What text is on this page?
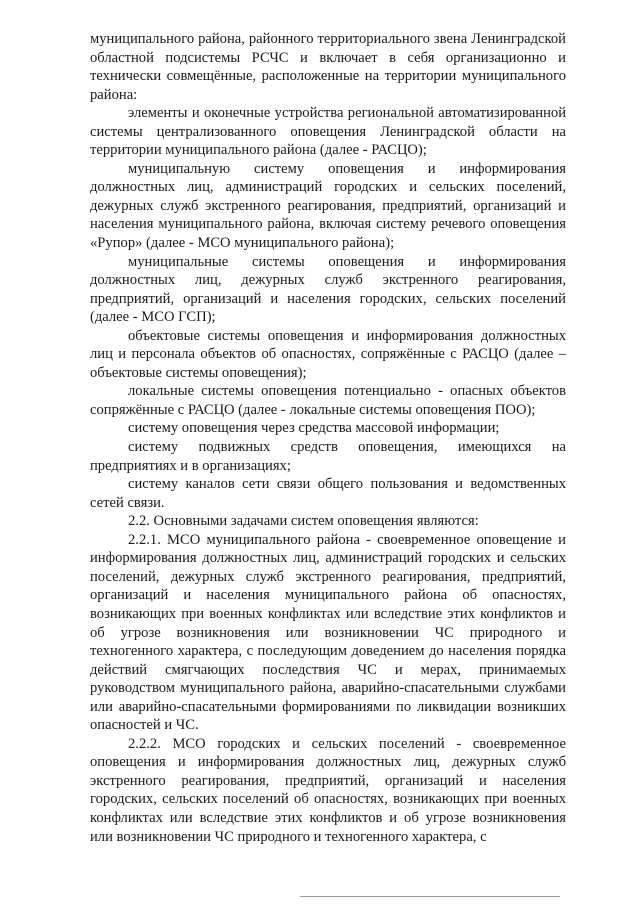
муниципального района, районного территориального звена Ленинградской областной подсистемы РСЧС и включает в себя организационно и технически совмещённые, расположенные на территории муниципального района:

элементы и оконечные устройства региональной автоматизированной системы централизованного оповещения Ленинградской области на территории муниципального района (далее - РАСЦО);

муниципальную систему оповещения и информирования должностных лиц, администраций городских и сельских поселений, дежурных служб экстренного реагирования, предприятий, организаций и населения муниципального района, включая систему речевого оповещения «Рупор» (далее - МСО муниципального района);

муниципальные системы оповещения и информирования должностных лиц, дежурных служб экстренного реагирования, предприятий, организаций и населения городских, сельских поселений (далее - МСО ГСП);

объектовые системы оповещения и информирования должностных лиц и персонала объектов об опасностях, сопряжённые с РАСЦО (далее – объектовые системы оповещения);

локальные системы оповещения потенциально - опасных объектов сопряжённые с РАСЦО (далее - локальные системы оповещения ПОО);

систему оповещения через средства массовой информации;

систему подвижных средств оповещения, имеющихся на предприятиях и в организациях;

систему каналов сети связи общего пользования и ведомственных сетей связи.

2.2. Основными задачами систем оповещения являются:

2.2.1. МСО муниципального района - своевременное оповещение и информирования должностных лиц, администраций городских и сельских поселений, дежурных служб экстренного реагирования, предприятий, организаций и населения муниципального района об опасностях, возникающих при военных конфликтах или вследствие этих конфликтов и об угрозе возникновения или возникновении ЧС природного и техногенного характера, с последующим доведением до населения порядка действий смягчающих последствия ЧС и мерах, принимаемых руководством муниципального района, аварийно-спасательными службами или аварийно-спасательными формированиями по ликвидации возникших опасностей и ЧС.

2.2.2. МСО городских и сельских поселений - своевременное оповещения и информирования должностных лиц, дежурных служб экстренного реагирования, предприятий, организаций и населения городских, сельских поселений об опасностях, возникающих при военных конфликтах или вследствие этих конфликтов и об угрозе возникновения или возникновении ЧС природного и техногенного характера, с
